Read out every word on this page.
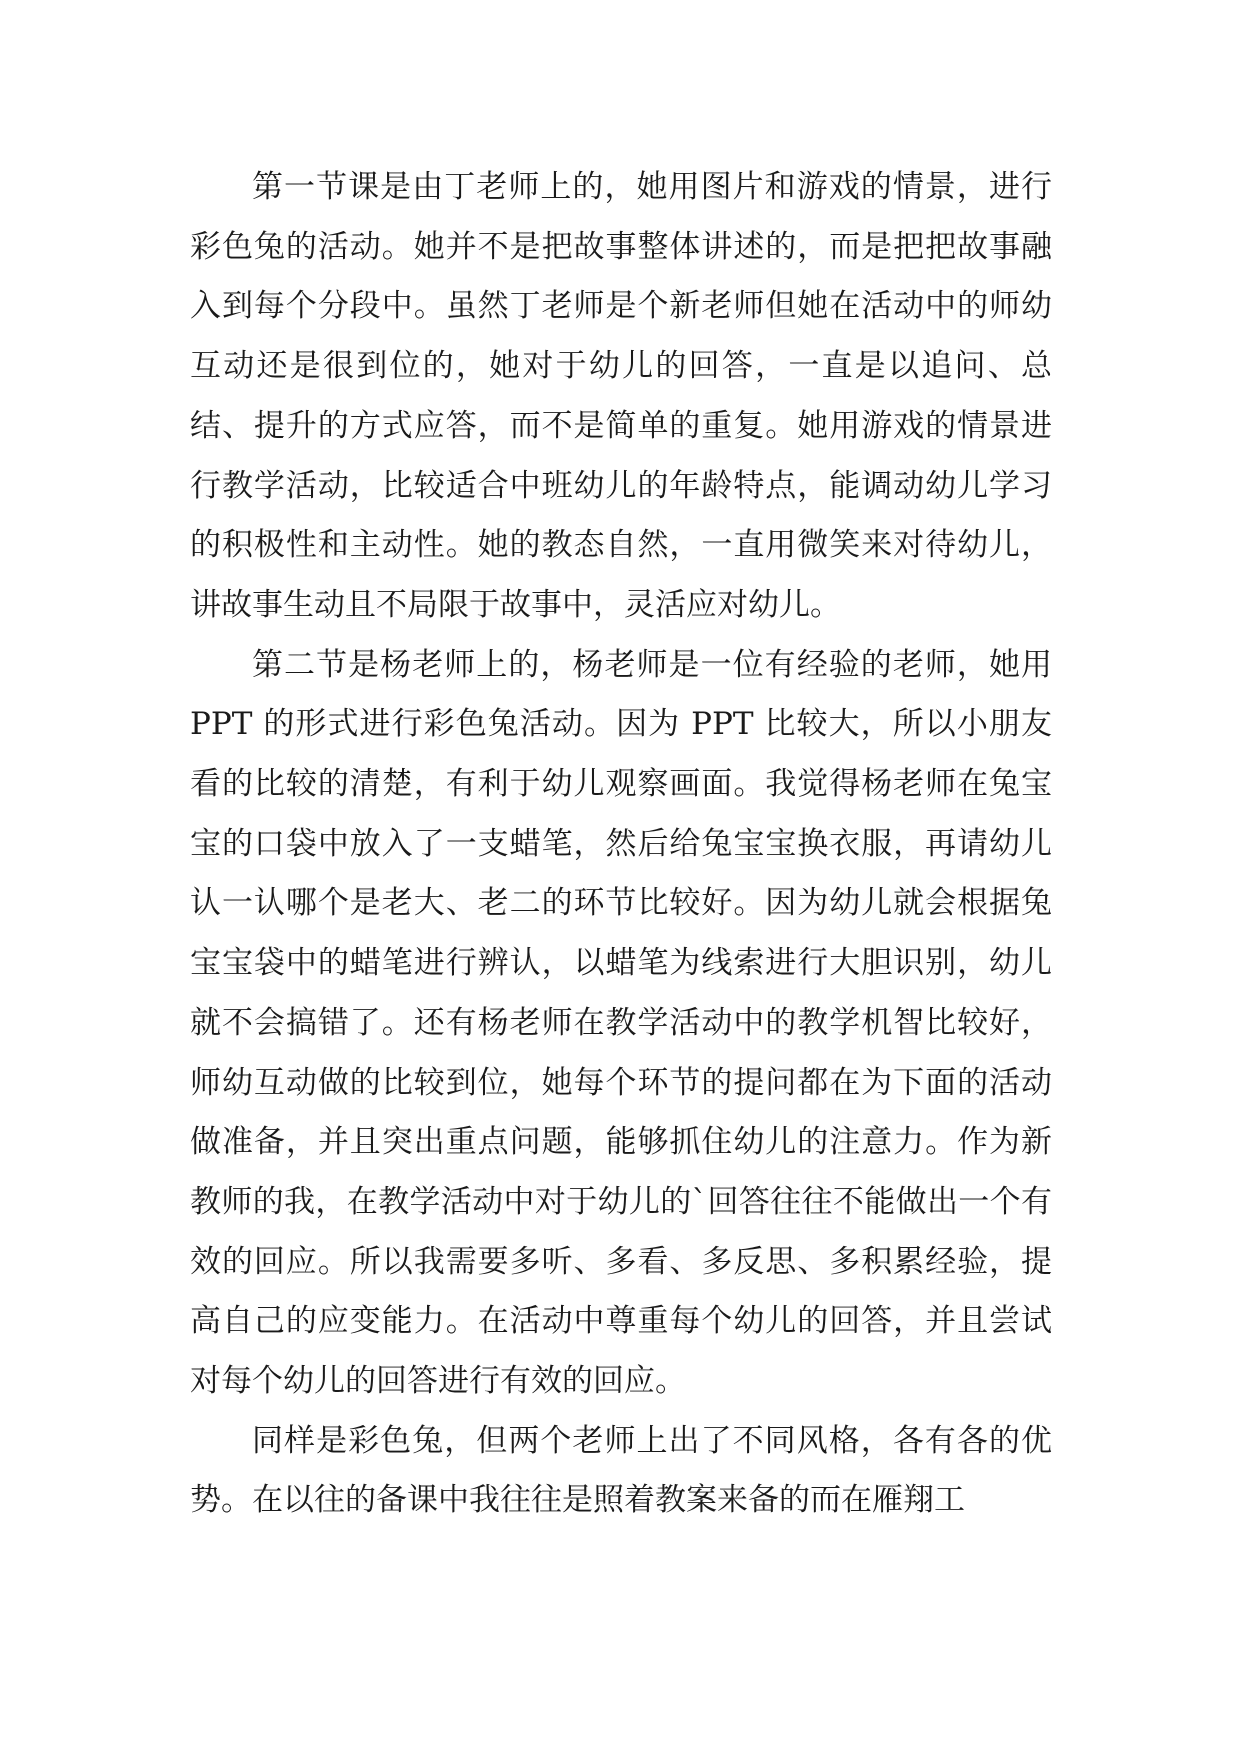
第一节课是由丁老师上的，她用图片和游戏的情景，进行彩色兔的活动。她并不是把故事整体讲述的，而是把把故事融入到每个分段中。虽然丁老师是个新老师但她在活动中的师幼互动还是很到位的，她对于幼儿的回答，一直是以追问、总结、提升的方式应答，而不是简单的重复。她用游戏的情景进行教学活动，比较适合中班幼儿的年龄特点，能调动幼儿学习的积极性和主动性。她的教态自然，一直用微笑来对待幼儿，讲故事生动且不局限于故事中，灵活应对幼儿。

第二节是杨老师上的，杨老师是一位有经验的老师，她用 PPT 的形式进行彩色兔活动。因为 PPT 比较大，所以小朋友看的比较的清楚，有利于幼儿观察画面。我觉得杨老师在兔宝宝的口袋中放入了一支蜡笔，然后给兔宝宝换衣服，再请幼儿认一认哪个是老大、老二的环节比较好。因为幼儿就会根据兔宝宝袋中的蜡笔进行辨认，以蜡笔为线索进行大胆识别，幼儿就不会搞错了。还有杨老师在教学活动中的教学机智比较好，师幼互动做的比较到位，她每个环节的提问都在为下面的活动做准备，并且突出重点问题，能够抓住幼儿的注意力。作为新教师的我，在教学活动中对于幼儿的`回答往往不能做出一个有效的回应。所以我需要多听、多看、多反思、多积累经验，提高自己的应变能力。在活动中尊重每个幼儿的回答，并且尝试对每个幼儿的回答进行有效的回应。

同样是彩色兔，但两个老师上出了不同风格，各有各的优势。在以往的备课中我往往是照着教案来备的而在雁翔工
